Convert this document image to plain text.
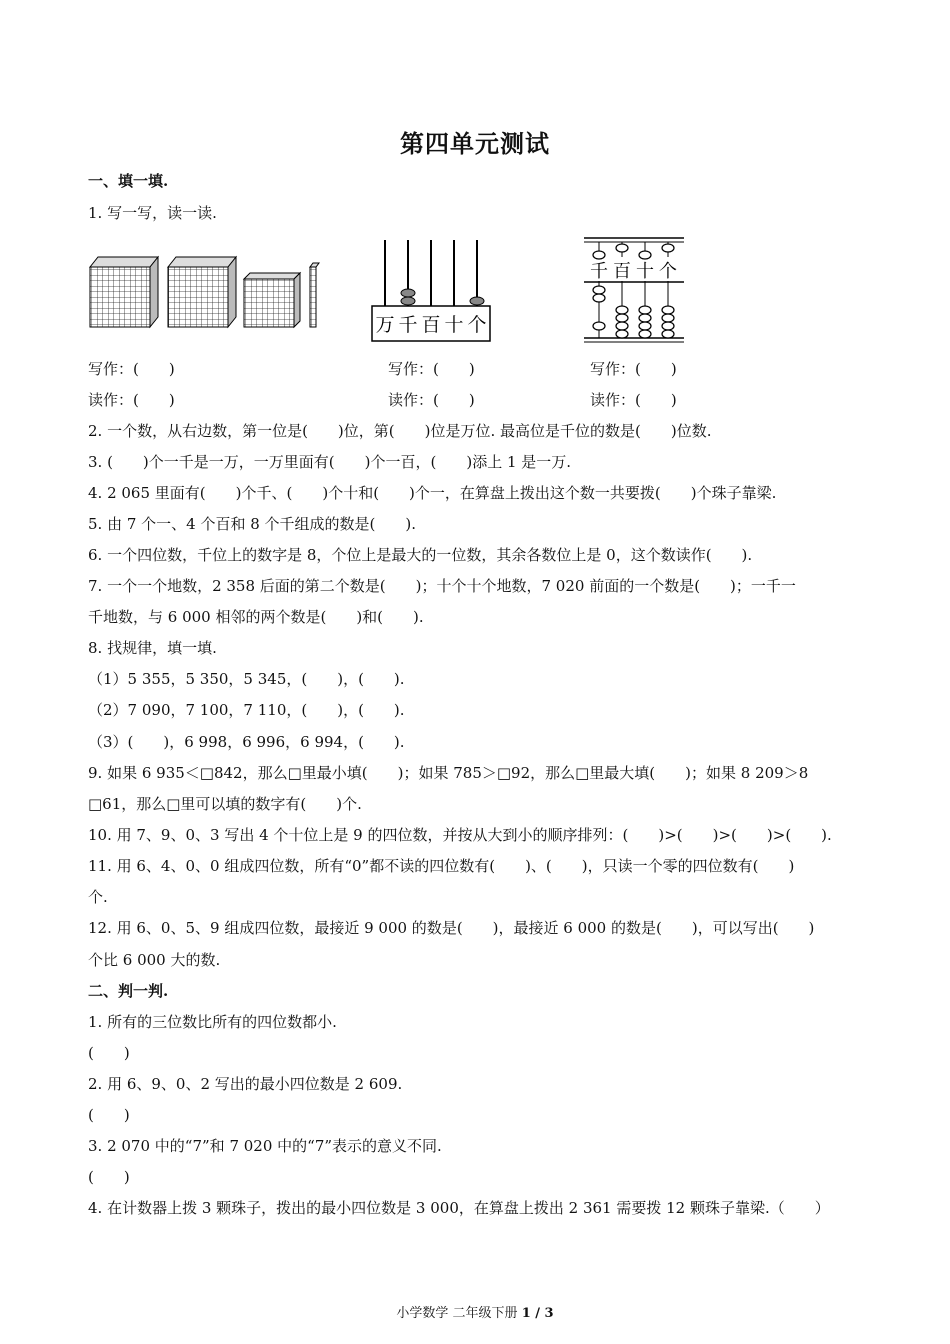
第四单元测试
一、填一填.
1. 写一写，读一读.
万 千 百 十 个
千 百 十 个
写作：(　　)	写作：(　　)	写作：(　　)
读作：(　　)	读作：(　　)	读作：(　　)
2. 一个数，从右边数，第一位是(　　)位，第(　　)位是万位. 最高位是千位的数是(　　)位数.
3. (　　)个一千是一万，一万里面有(　　)个一百，(　　)添上 1 是一万.
4. 2 065 里面有(　　)个千、(　　)个十和(　　)个一，在算盘上拨出这个数一共要拨(　　)个珠子靠梁.
5. 由 7 个一、4 个百和 8 个千组成的数是(　　).
6. 一个四位数，千位上的数字是 8，个位上是最大的一位数，其余各数位上是 0，这个数读作(　　).
7. 一个一个地数，2 358 后面的第二个数是(　　)；十个十个地数，7 020 前面的一个数是(　　)；一千一
千地数，与 6 000 相邻的两个数是(　　)和(　　).
8. 找规律，填一填.
（1）5 355，5 350，5 345，(　　)，(　　).
（2）7 090，7 100，7 110，(　　)，(　　).
（3）(　　)，6 998，6 996，6 994，(　　).
9. 如果 6 935＜□842，那么□里最小填(　　)；如果 785＞□92，那么□里最大填(　　)；如果 8 209＞8
□61，那么□里可以填的数字有(　　)个.
10. 用 7、9、0、3 写出 4 个十位上是 9 的四位数，并按从大到小的顺序排列：(　　)>(　　)>(　　)>(　　).
11. 用 6、4、0、0 组成四位数，所有“0”都不读的四位数有(　　)、(　　)，只读一个零的四位数有(　　)
个.
12. 用 6、0、5、9 组成四位数，最接近 9 000 的数是(　　)，最接近 6 000 的数是(　　)，可以写出(　　)
个比 6 000 大的数.
二、判一判.
1. 所有的三位数比所有的四位数都小.
(　　)
2. 用 6、9、0、2 写出的最小四位数是 2 609.
(　　)
3. 2 070 中的“7”和 7 020 中的“7”表示的意义不同.
(　　)
4. 在计数器上拨 3 颗珠子，拨出的最小四位数是 3 000，在算盘上拨出 2 361 需要拨 12 颗珠子靠梁.（　　）
小学数学 二年级下册 1 / 3
